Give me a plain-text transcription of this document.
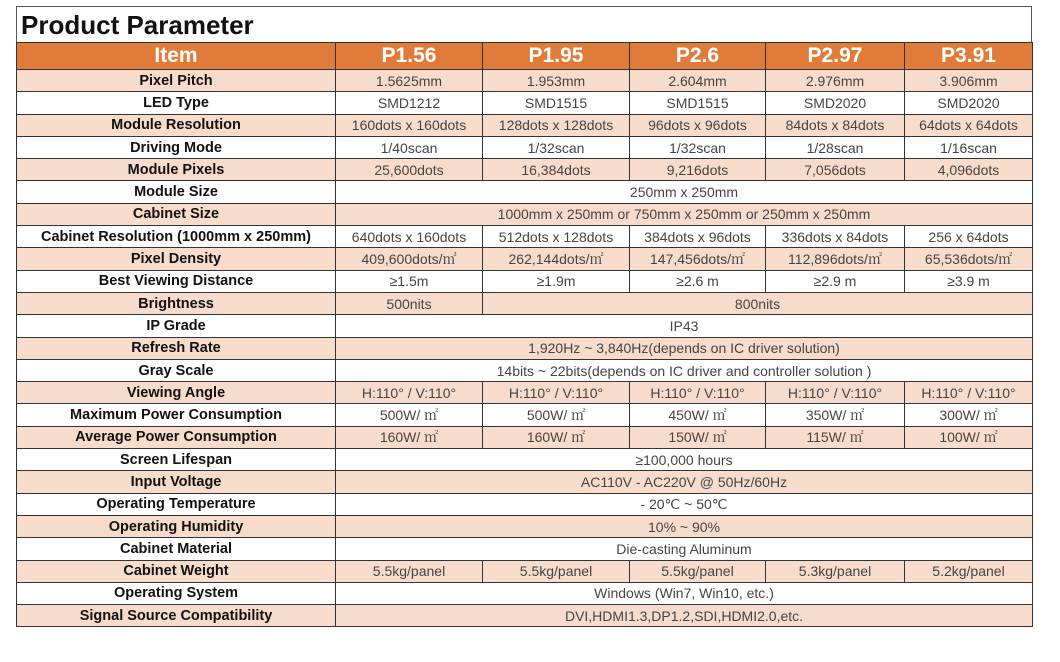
Product Parameter
Item	P1.56	P1.95	P2.6	P2.97	P3.91
Pixel Pitch	1.5625mm	1.953mm	2.604mm	2.976mm	3.906mm
LED Type	SMD1212	SMD1515	SMD1515	SMD2020	SMD2020
Module Resolution	160dots x 160dots	128dots x 128dots	96dots x 96dots	84dots x 84dots	64dots x 64dots
Driving Mode	1/40scan	1/32scan	1/32scan	1/28scan	1/16scan
Module Pixels	25,600dots	16,384dots	9,216dots	7,056dots	4,096dots
Module Size	250mm x 250mm				
Cabinet Size	1000mm x 250mm or 750mm x 250mm or 250mm x 250mm				
Cabinet Resolution (1000mm x 250mm)	640dots x 160dots	512dots x 128dots	384dots x 96dots	336dots x 84dots	256 x 64dots
Pixel Density	409,600dots/㎡	262,144dots/㎡	147,456dots/㎡	112,896dots/㎡	65,536dots/㎡
Best Viewing Distance	≥1.5m	≥1.9m	≥2.6 m	≥2.9 m	≥3.9 m
Brightness	500nits	800nits			
IP Grade	IP43				
Refresh Rate	1,920Hz ~ 3,840Hz(depends on IC driver solution)				
Gray Scale	14bits ~ 22bits(depends on IC driver and controller solution )				
Viewing Angle	H:110° / V:110°	H:110° / V:110°	H:110° / V:110°	H:110° / V:110°	H:110° / V:110°
Maximum Power Consumption	500W/ ㎡	500W/ ㎡	450W/ ㎡	350W/ ㎡	300W/ ㎡
Average Power Consumption	160W/ ㎡	160W/ ㎡	150W/ ㎡	115W/ ㎡	100W/ ㎡
Screen Lifespan	≥100,000 hours				
Input Voltage	AC110V - AC220V @ 50Hz/60Hz				
Operating Temperature	- 20℃ ~ 50℃				
Operating Humidity	10% ~ 90%				
Cabinet Material	Die-casting Aluminum				
Cabinet Weight	5.5kg/panel	5.5kg/panel	5.5kg/panel	5.3kg/panel	5.2kg/panel
Operating System	Windows (Win7, Win10, etc.)				
Signal Source Compatibility	DVI,HDMI1.3,DP1.2,SDI,HDMI2.0,etc.				
